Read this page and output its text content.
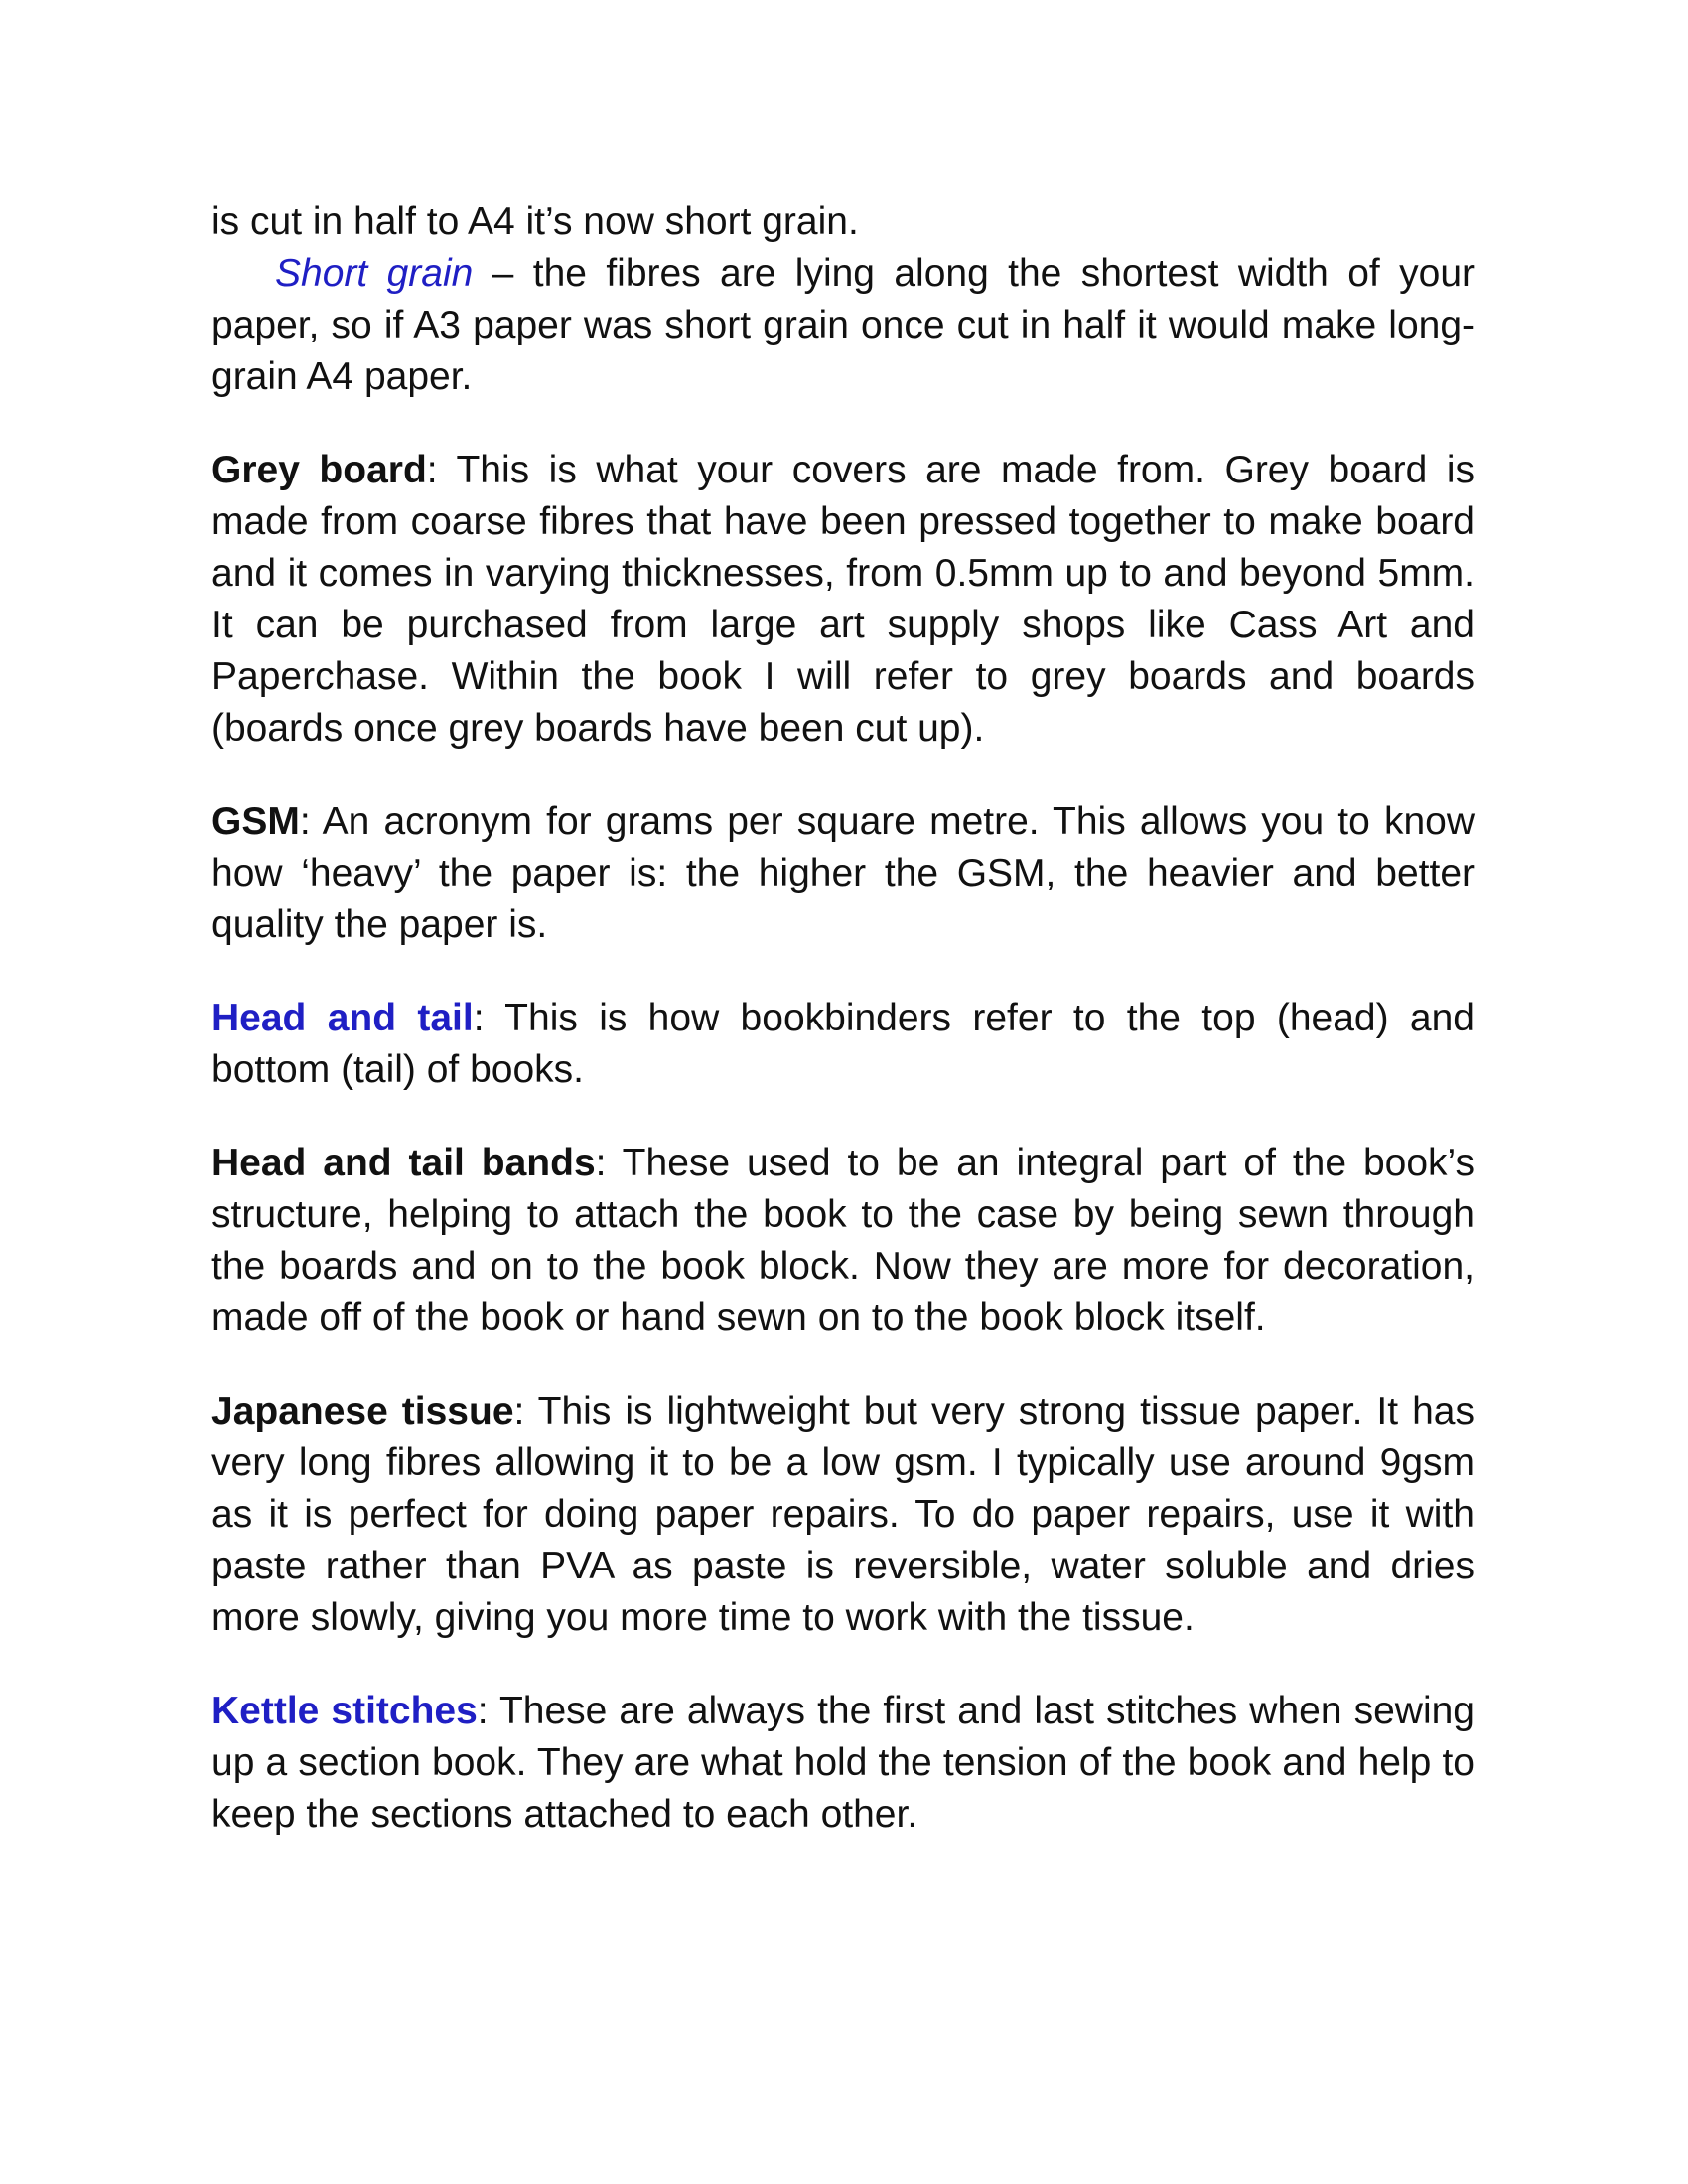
is cut in half to A4 it’s now short grain.

Short grain – the fibres are lying along the shortest width of your paper, so if A3 paper was short grain once cut in half it would make long-grain A4 paper.

Grey board: This is what your covers are made from. Grey board is made from coarse fibres that have been pressed together to make board and it comes in varying thicknesses, from 0.5mm up to and beyond 5mm. It can be purchased from large art supply shops like Cass Art and Paperchase. Within the book I will refer to grey boards and boards (boards once grey boards have been cut up).

GSM: An acronym for grams per square metre. This allows you to know how ‘heavy’ the paper is: the higher the GSM, the heavier and better quality the paper is.

Head and tail: This is how bookbinders refer to the top (head) and bottom (tail) of books.

Head and tail bands: These used to be an integral part of the book’s structure, helping to attach the book to the case by being sewn through the boards and on to the book block. Now they are more for decoration, made off of the book or hand sewn on to the book block itself.

Japanese tissue: This is lightweight but very strong tissue paper. It has very long fibres allowing it to be a low gsm. I typically use around 9gsm as it is perfect for doing paper repairs. To do paper repairs, use it with paste rather than PVA as paste is reversible, water soluble and dries more slowly, giving you more time to work with the tissue.

Kettle stitches: These are always the first and last stitches when sewing up a section book. They are what hold the tension of the book and help to keep the sections attached to each other.
